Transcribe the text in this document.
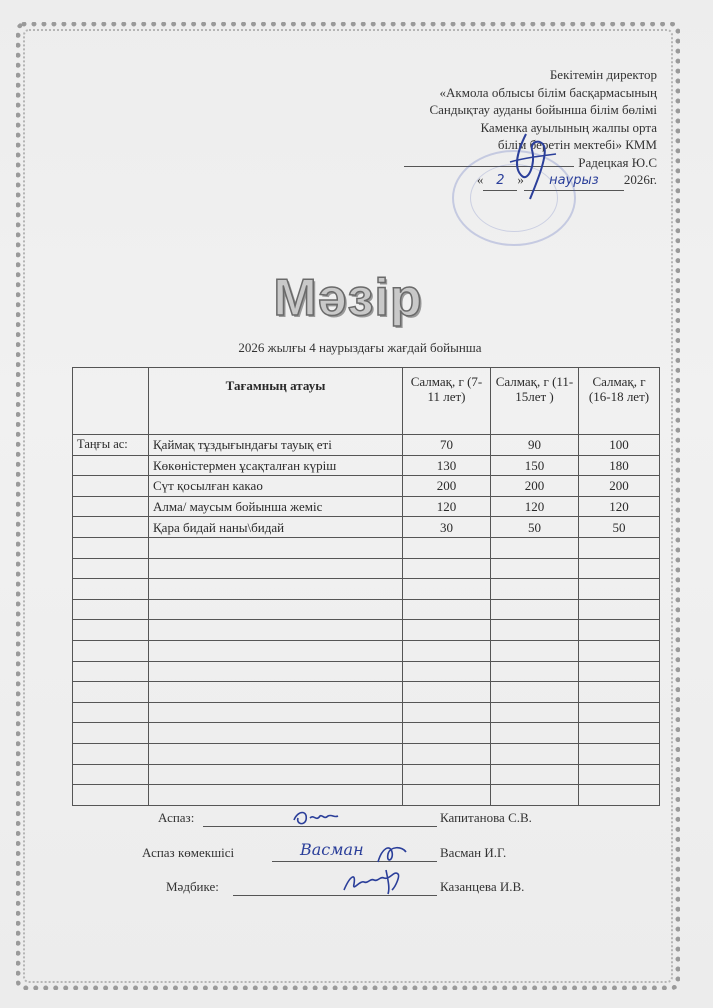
Бекітемін директор
«Акмола облысы білім басқармасының
Сандықтау ауданы бойынша білім бөлімі
Каменка ауылының жалпы орта
білім беретін мектебі» КММ
Радецкая Ю.С
« 2 » наурыз 2026г.
Мәзір
2026 жылғы 4 наурыздағы жағдай бойынша
	Тағамның атауы	Салмақ, г (7-11 лет)	Салмақ, г (11-15лет )	Салмақ, г (16-18 лет)
Таңғы ас:	Қаймақ тұздығындағы тауық еті	70	90	100
	Көкөністермен ұсақталған күріш	130	150	180
	Сүт қосылған какао	200	200	200
	Алма/ маусым бойынша жеміс	120	120	120
	Қара бидай наны\бидай	30	50	50

Аспаз:	Капитанова С.В.
Аспаз көмекшісі	Васман	Васман И.Г.
Мәдбике:	Казанцева И.В.
